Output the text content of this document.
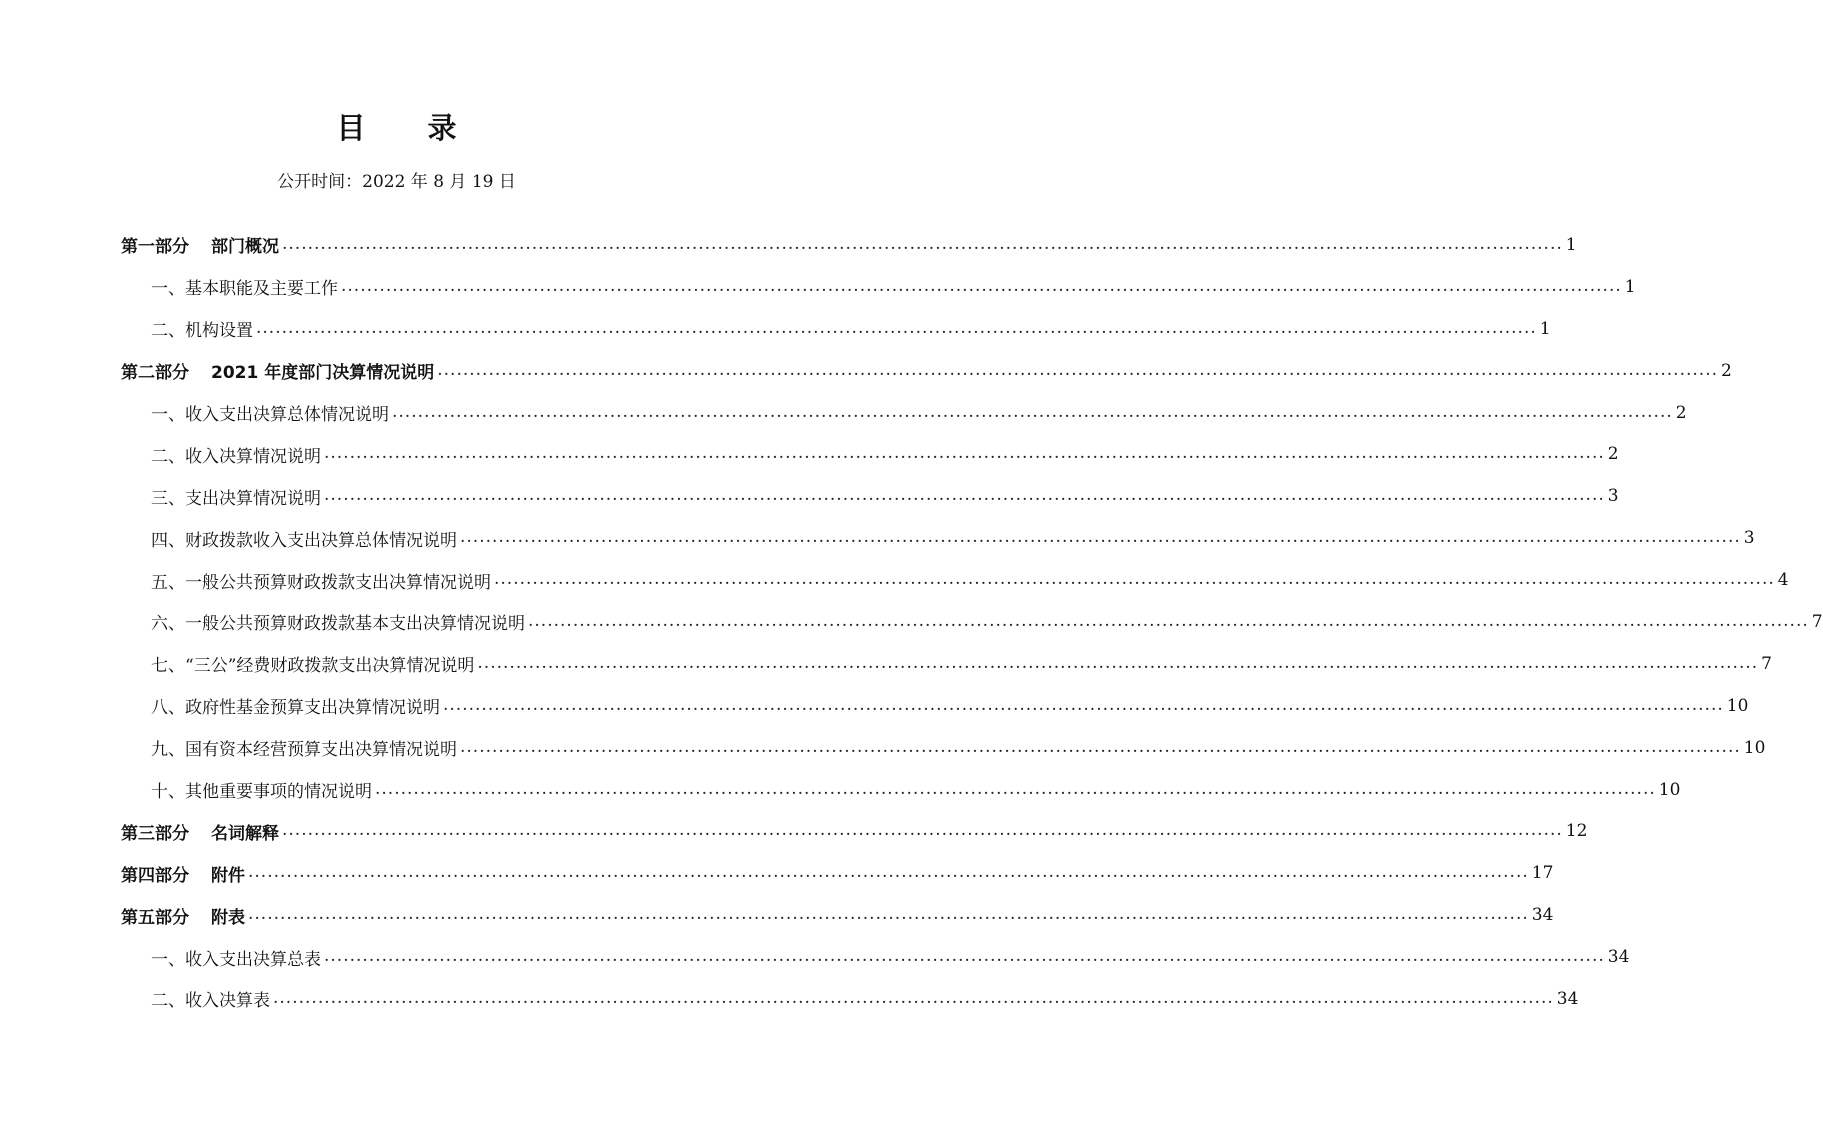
目 录
公开时间：2022 年 8 月 19 日
第一部分 部门概况 ........................................................................................................................................................................................................ 1
一、基本职能及主要工作 ........................................................................................................................................................................................................ 1
二、机构设置 ........................................................................................................................................................................................................ 1
第二部分 2021 年度部门决算情况说明 ........................................................................................................................................................................................................ 2
一、收入支出决算总体情况说明 ........................................................................................................................................................................................................ 2
二、收入决算情况说明 ........................................................................................................................................................................................................ 2
三、支出决算情况说明 ........................................................................................................................................................................................................ 3
四、财政拨款收入支出决算总体情况说明 ........................................................................................................................................................................................................ 3
五、一般公共预算财政拨款支出决算情况说明 ........................................................................................................................................................................................................ 4
六、一般公共预算财政拨款基本支出决算情况说明 ........................................................................................................................................................................................................ 7
七、“三公”经费财政拨款支出决算情况说明 ........................................................................................................................................................................................................ 7
八、政府性基金预算支出决算情况说明 ........................................................................................................................................................................................................ 10
九、国有资本经营预算支出决算情况说明 ........................................................................................................................................................................................................ 10
十、其他重要事项的情况说明 ........................................................................................................................................................................................................ 10
第三部分 名词解释 ........................................................................................................................................................................................................ 12
第四部分 附件 ........................................................................................................................................................................................................ 17
第五部分 附表 ........................................................................................................................................................................................................ 34
一、收入支出决算总表 ........................................................................................................................................................................................................ 34
二、收入决算表 ........................................................................................................................................................................................................ 34
